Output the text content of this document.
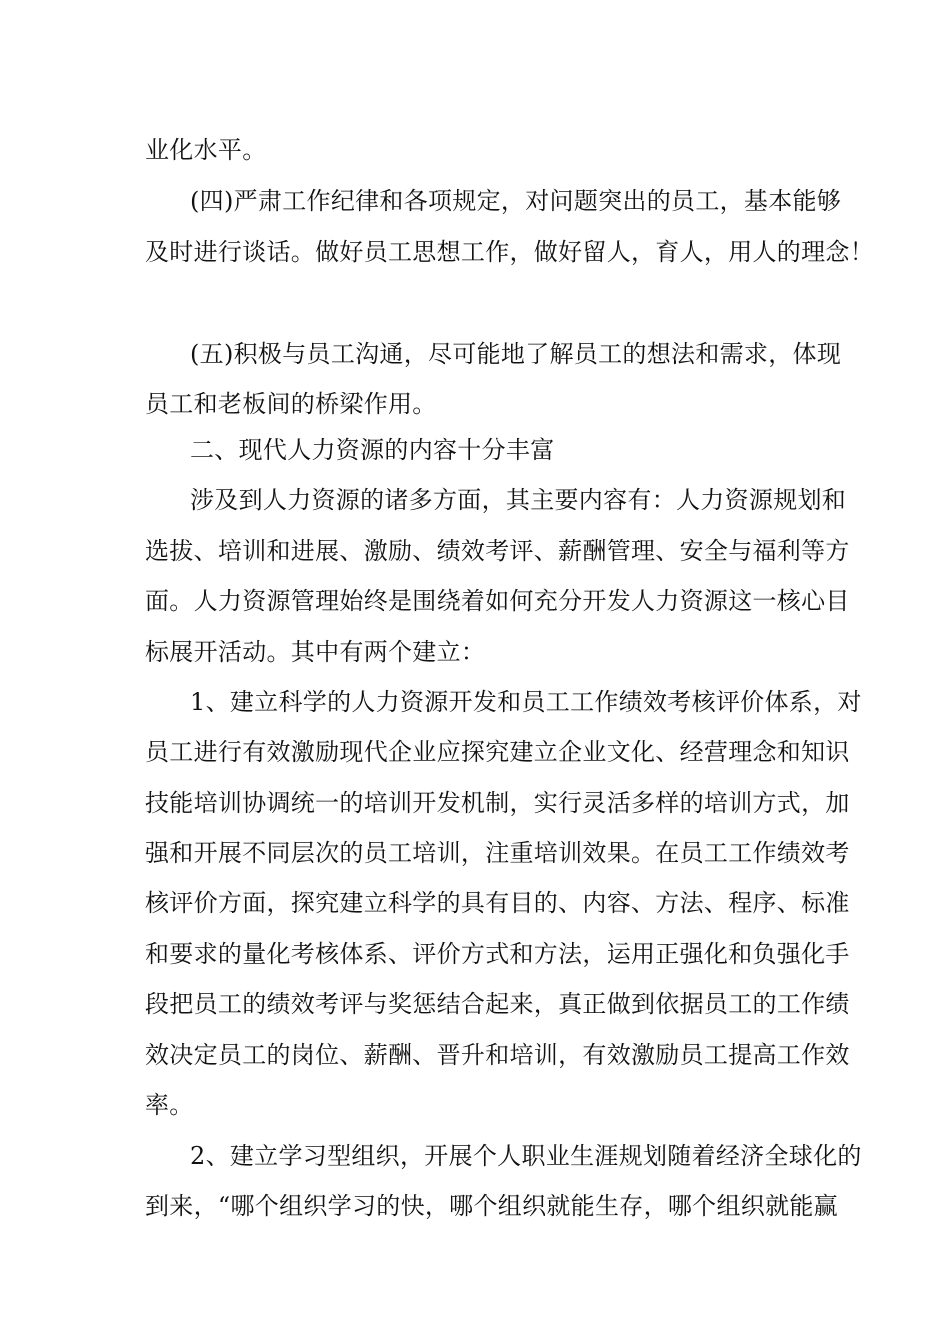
业化水平。
(四)严肃工作纪律和各项规定，对问题突出的员工，基本能够
及时进行谈话。做好员工思想工作，做好留人，育人，用人的理念！
(五)积极与员工沟通，尽可能地了解员工的想法和需求，体现
员工和老板间的桥梁作用。
二、现代人力资源的内容十分丰富
涉及到人力资源的诸多方面，其主要内容有：人力资源规划和
选拔、培训和进展、激励、绩效考评、薪酬管理、安全与福利等方
面。人力资源管理始终是围绕着如何充分开发人力资源这一核心目
标展开活动。其中有两个建立：
1、建立科学的人力资源开发和员工工作绩效考核评价体系，对
员工进行有效激励现代企业应探究建立企业文化、经营理念和知识
技能培训协调统一的培训开发机制，实行灵活多样的培训方式，加
强和开展不同层次的员工培训，注重培训效果。在员工工作绩效考
核评价方面，探究建立科学的具有目的、内容、方法、程序、标准
和要求的量化考核体系、评价方式和方法，运用正强化和负强化手
段把员工的绩效考评与奖惩结合起来，真正做到依据员工的工作绩
效决定员工的岗位、薪酬、晋升和培训，有效激励员工提高工作效
率。
2、建立学习型组织，开展个人职业生涯规划随着经济全球化的
到来，“哪个组织学习的快，哪个组织就能生存，哪个组织就能赢
